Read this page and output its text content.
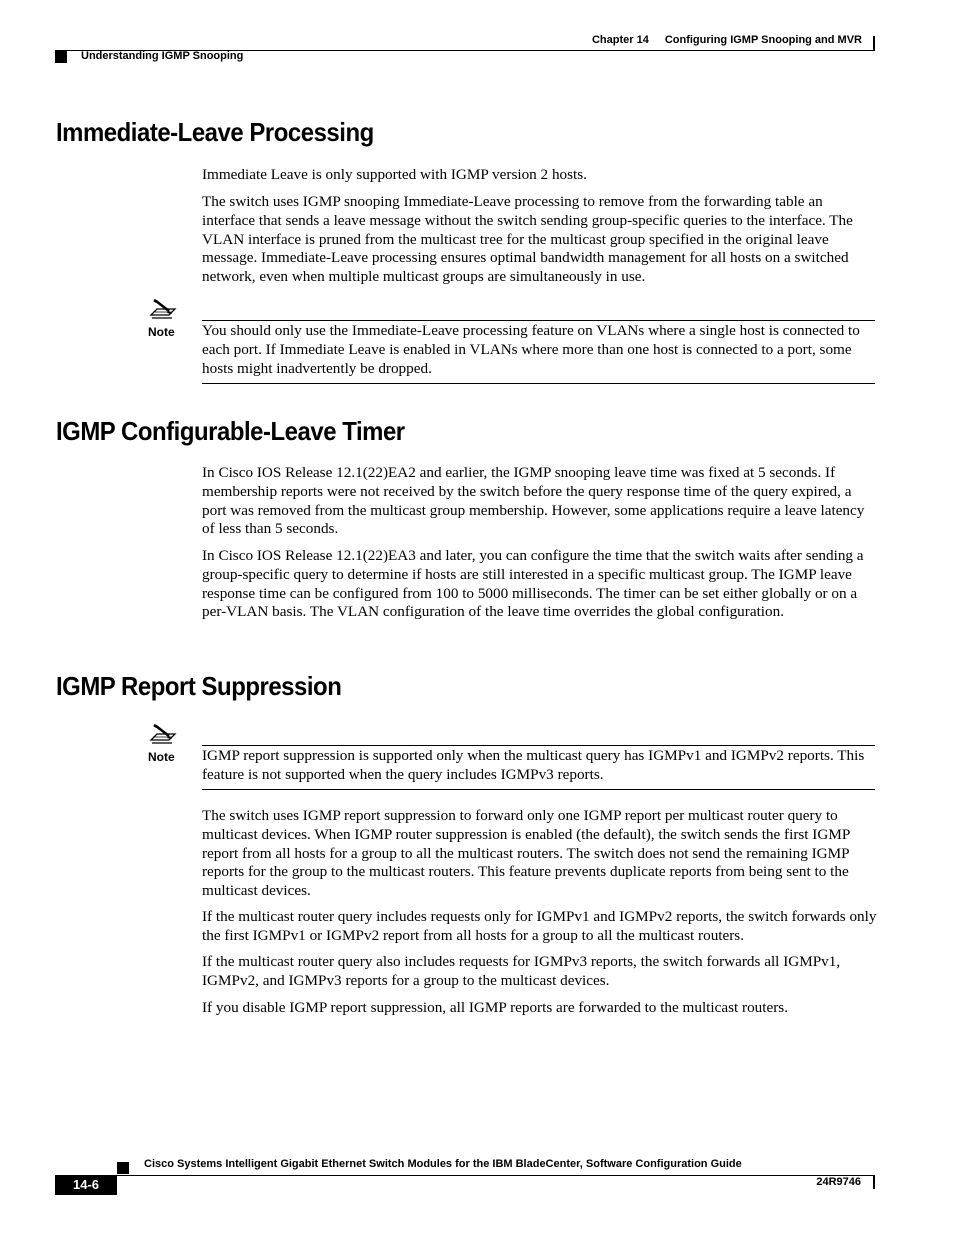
Chapter 14 Configuring IGMP Snooping and MVR
Understanding IGMP Snooping
Immediate-Leave Processing

Immediate Leave is only supported with IGMP version 2 hosts.

The switch uses IGMP snooping Immediate-Leave processing to remove from the forwarding table an interface that sends a leave message without the switch sending group-specific queries to the interface. The VLAN interface is pruned from the multicast tree for the multicast group specified in the original leave message. Immediate-Leave processing ensures optimal bandwidth management for all hosts on a switched network, even when multiple multicast groups are simultaneously in use.

Note You should only use the Immediate-Leave processing feature on VLANs where a single host is connected to each port. If Immediate Leave is enabled in VLANs where more than one host is connected to a port, some hosts might inadvertently be dropped.

IGMP Configurable-Leave Timer

In Cisco IOS Release 12.1(22)EA2 and earlier, the IGMP snooping leave time was fixed at 5 seconds. If membership reports were not received by the switch before the query response time of the query expired, a port was removed from the multicast group membership. However, some applications require a leave latency of less than 5 seconds.

In Cisco IOS Release 12.1(22)EA3 and later, you can configure the time that the switch waits after sending a group-specific query to determine if hosts are still interested in a specific multicast group. The IGMP leave response time can be configured from 100 to 5000 milliseconds. The timer can be set either globally or on a per-VLAN basis. The VLAN configuration of the leave time overrides the global configuration.

IGMP Report Suppression
Note IGMP report suppression is supported only when the multicast query has IGMPv1 and IGMPv2 reports. This feature is not supported when the query includes IGMPv3 reports.

The switch uses IGMP report suppression to forward only one IGMP report per multicast router query to multicast devices. When IGMP router suppression is enabled (the default), the switch sends the first IGMP report from all hosts for a group to all the multicast routers. The switch does not send the remaining IGMP reports for the group to the multicast routers. This feature prevents duplicate reports from being sent to the multicast devices.

If the multicast router query includes requests only for IGMPv1 and IGMPv2 reports, the switch forwards only the first IGMPv1 or IGMPv2 report from all hosts for a group to all the multicast routers.

If the multicast router query also includes requests for IGMPv3 reports, the switch forwards all IGMPv1, IGMPv2, and IGMPv3 reports for a group to the multicast devices.

If you disable IGMP report suppression, all IGMP reports are forwarded to the multicast routers.

Cisco Systems Intelligent Gigabit Ethernet Switch Modules for the IBM BladeCenter, Software Configuration Guide
14-6	24R9746
